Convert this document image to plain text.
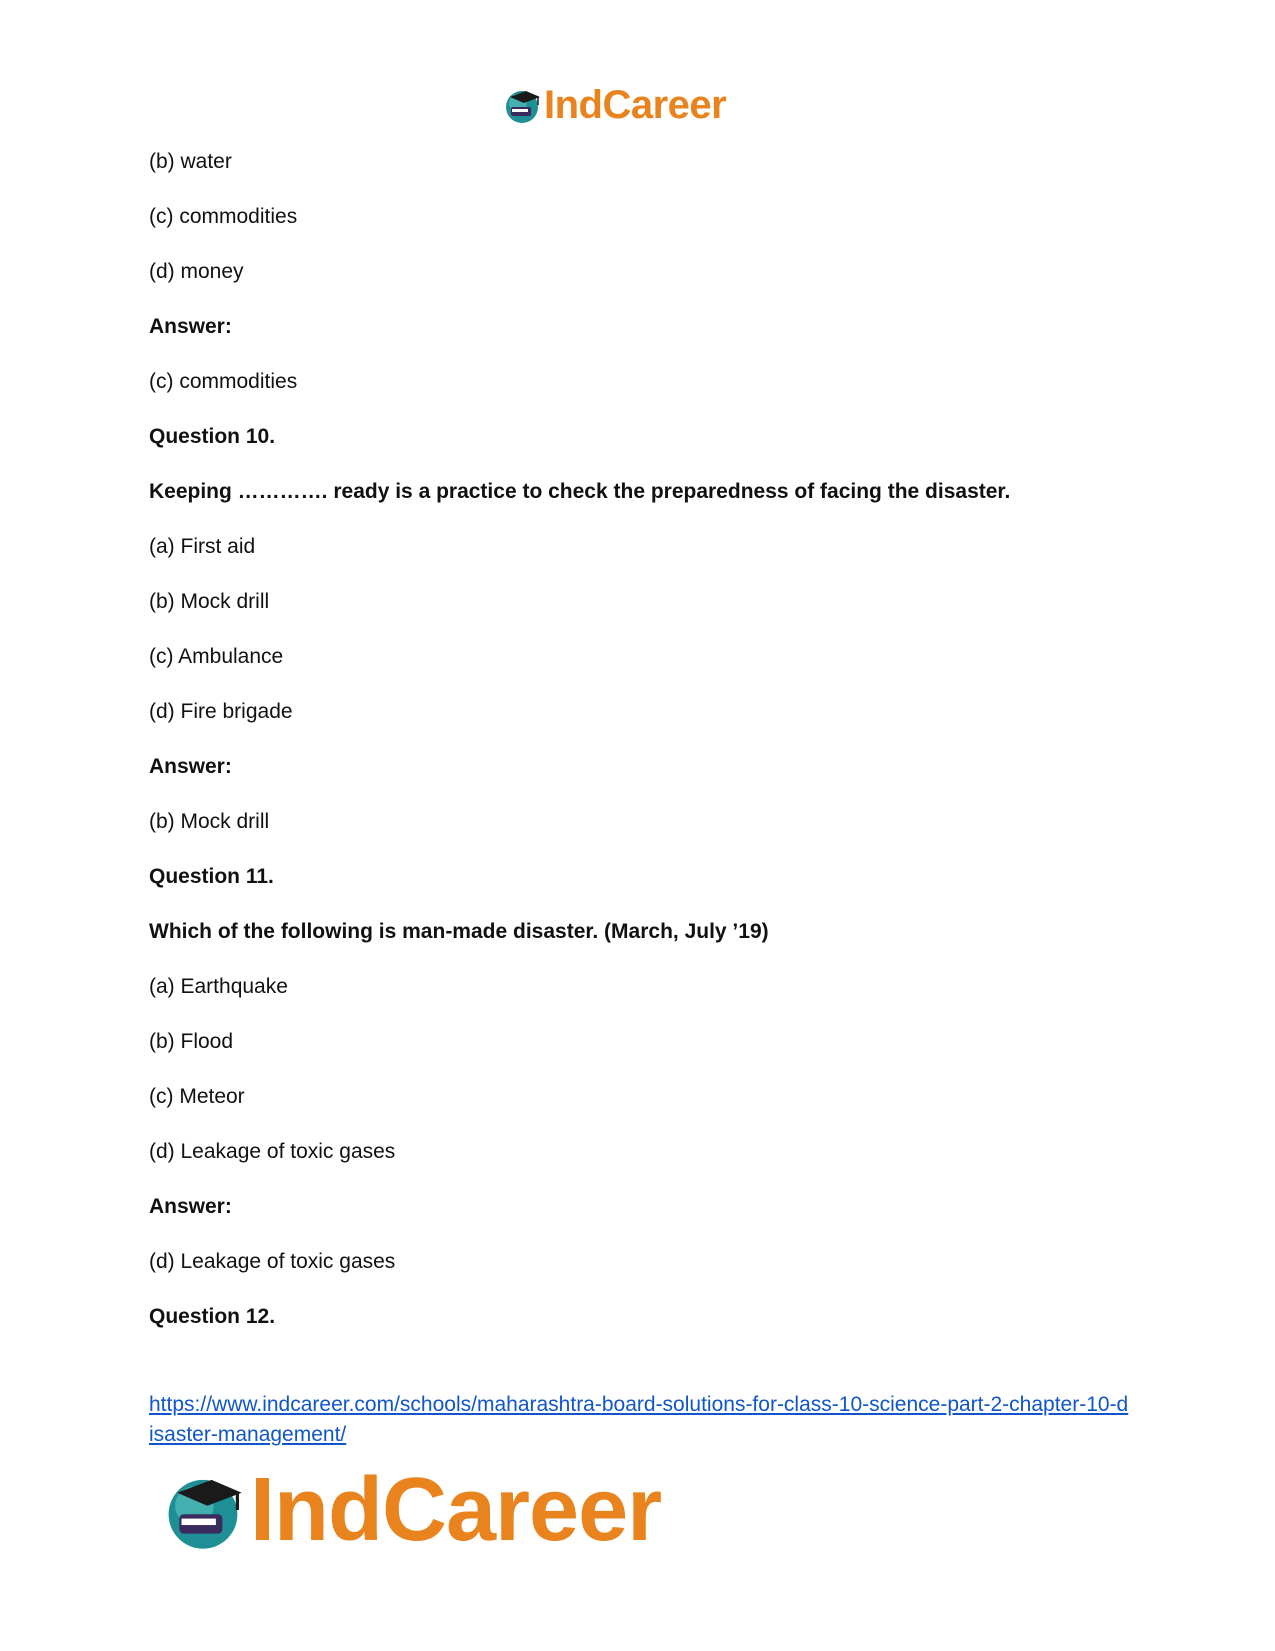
IndCareer
(b) water
(c) commodities
(d) money
Answer:
(c) commodities
Question 10.
Keeping …………. ready is a practice to check the preparedness of facing the disaster.
(a) First aid
(b) Mock drill
(c) Ambulance
(d) Fire brigade
Answer:
(b) Mock drill
Question 11.
Which of the following is man-made disaster. (March, July ’19)
(a) Earthquake
(b) Flood
(c) Meteor
(d) Leakage of toxic gases
Answer:
(d) Leakage of toxic gases
Question 12.
https://www.indcareer.com/schools/maharashtra-board-solutions-for-class-10-science-part-2-chapter-10-disaster-management/
IndCareer
